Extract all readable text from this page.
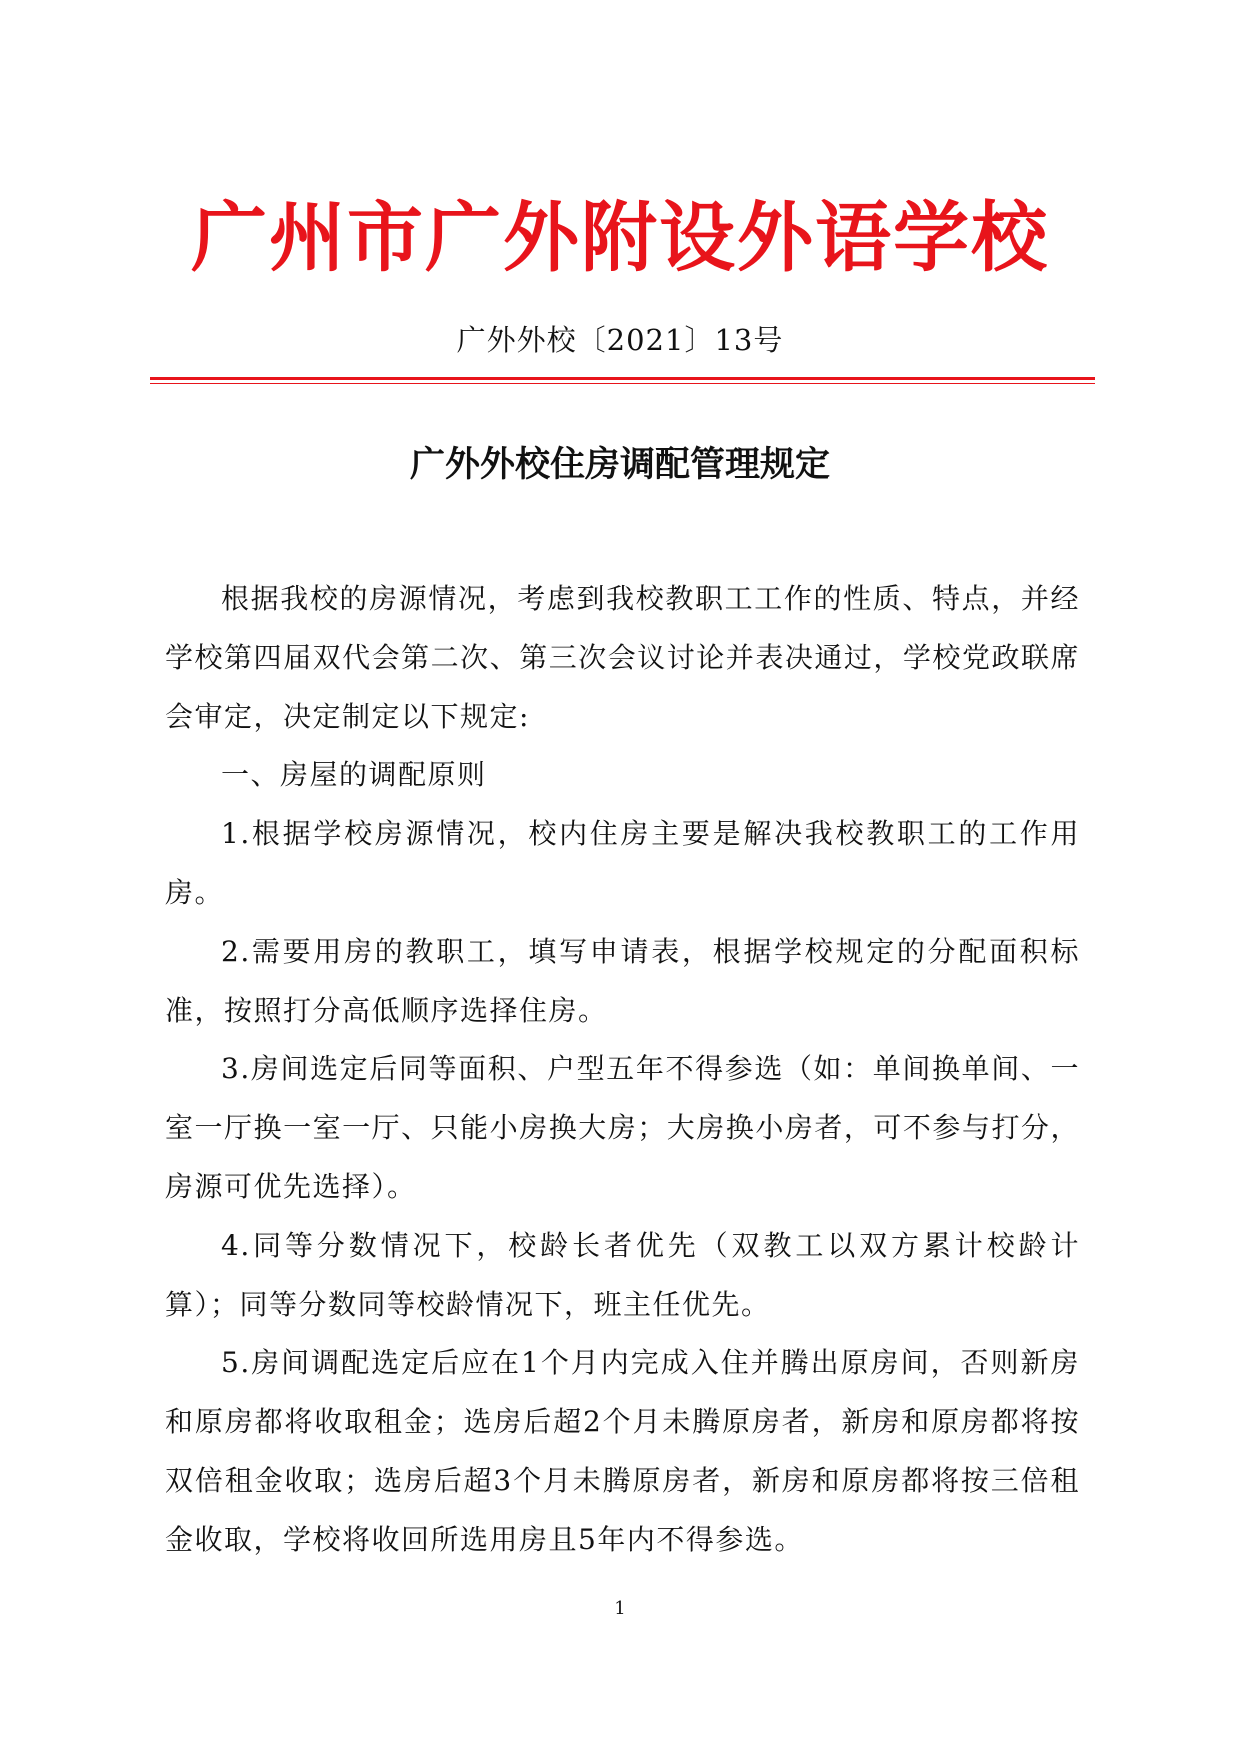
广州市广外附设外语学校
广外外校〔2021〕13号
广外外校住房调配管理规定

根据我校的房源情况，考虑到我校教职工工作的性质、特点，并经学校第四届双代会第二次、第三次会议讨论并表决通过，学校党政联席会审定，决定制定以下规定:

一、房屋的调配原则

1.根据学校房源情况，校内住房主要是解决我校教职工的工作用房。

2.需要用房的教职工，填写申请表，根据学校规定的分配面积标准，按照打分高低顺序选择住房。

3.房间选定后同等面积、户型五年不得参选（如：单间换单间、一室一厅换一室一厅、只能小房换大房；大房换小房者，可不参与打分，房源可优先选择）。

4.同等分数情况下，校龄长者优先（双教工以双方累计校龄计算）；同等分数同等校龄情况下，班主任优先。

5.房间调配选定后应在1个月内完成入住并腾出原房间，否则新房和原房都将收取租金；选房后超2个月未腾原房者，新房和原房都将按双倍租金收取；选房后超3个月未腾原房者，新房和原房都将按三倍租金收取，学校将收回所选用房且5年内不得参选。

1
